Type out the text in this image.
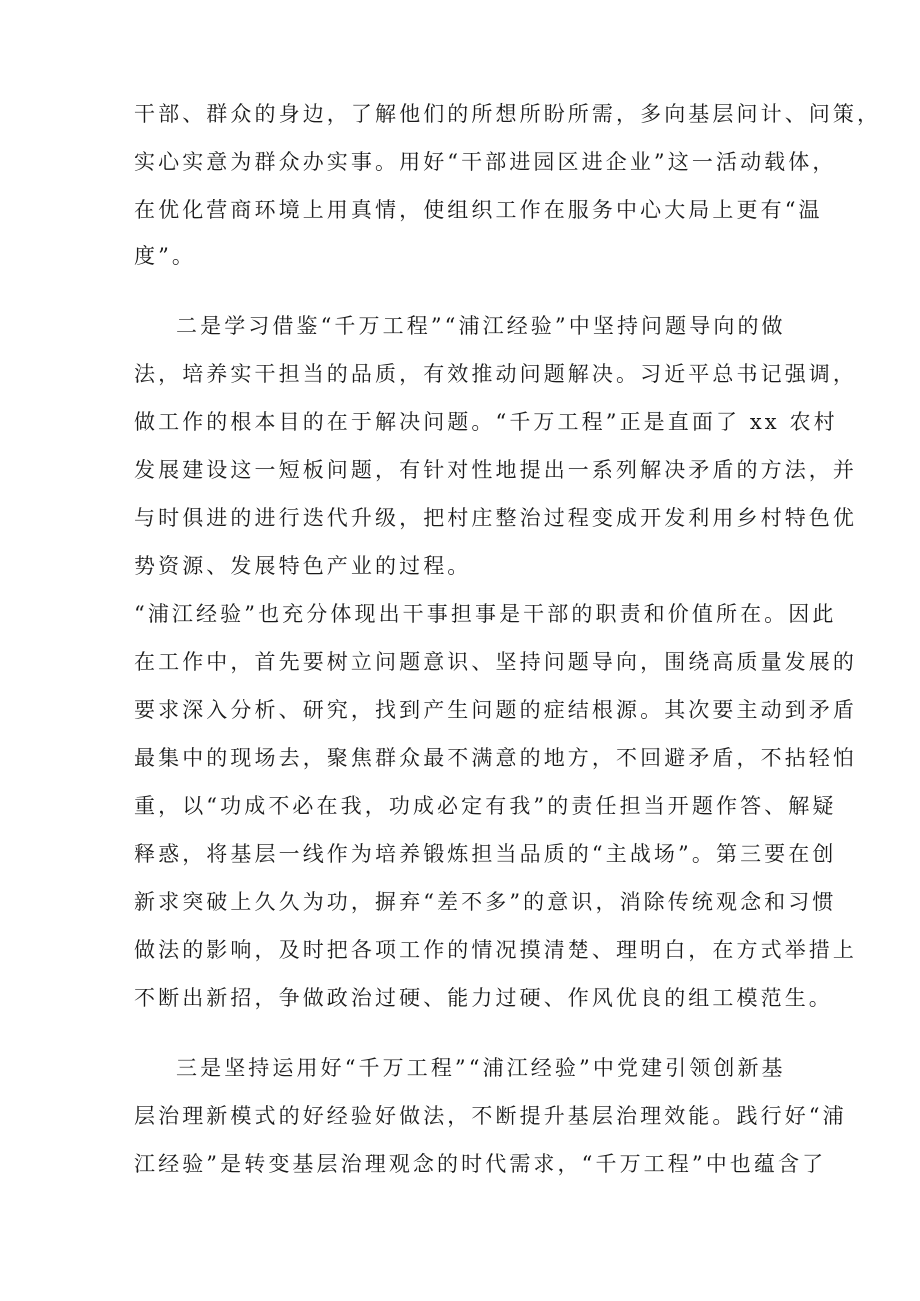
干部、群众的身边，了解他们的所想所盼所需，多向基层问计、问策，
实心实意为群众办实事。用好“干部进园区进企业”这一活动载体，
在优化营商环境上用真情，使组织工作在服务中心大局上更有“温
度”。
二是学习借鉴“千万工程”“浦江经验”中坚持问题导向的做
法，培养实干担当的品质，有效推动问题解决。习近平总书记强调，
做工作的根本目的在于解决问题。“千万工程”正是直面了 xx 农村
发展建设这一短板问题，有针对性地提出一系列解决矛盾的方法，并
与时俱进的进行迭代升级，把村庄整治过程变成开发利用乡村特色优
势资源、发展特色产业的过程。
“浦江经验”也充分体现出干事担事是干部的职责和价值所在。因此
在工作中，首先要树立问题意识、坚持问题导向，围绕高质量发展的
要求深入分析、研究，找到产生问题的症结根源。其次要主动到矛盾
最集中的现场去，聚焦群众最不满意的地方，不回避矛盾，不拈轻怕
重，以“功成不必在我，功成必定有我”的责任担当开题作答、解疑
释惑，将基层一线作为培养锻炼担当品质的“主战场”。第三要在创
新求突破上久久为功，摒弃“差不多”的意识，消除传统观念和习惯
做法的影响，及时把各项工作的情况摸清楚、理明白，在方式举措上
不断出新招，争做政治过硬、能力过硬、作风优良的组工模范生。
三是坚持运用好“千万工程”“浦江经验”中党建引领创新基
层治理新模式的好经验好做法，不断提升基层治理效能。践行好“浦
江经验”是转变基层治理观念的时代需求，“千万工程”中也蕴含了
